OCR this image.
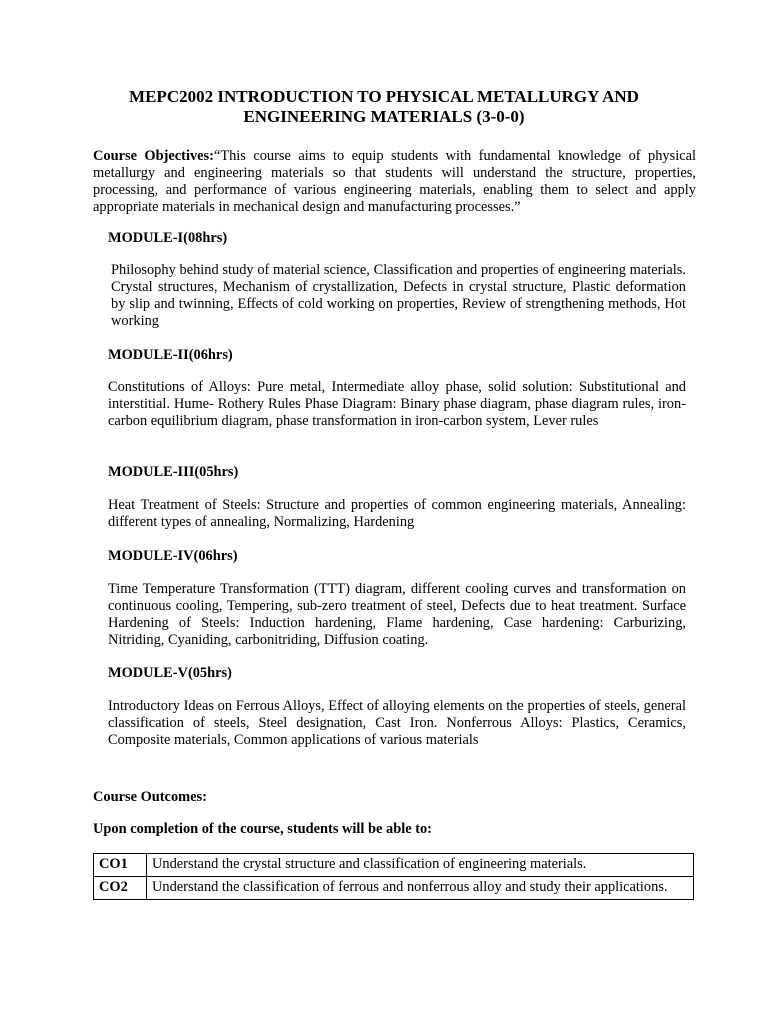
MEPC2002 INTRODUCTION TO PHYSICAL METALLURGY AND
ENGINEERING MATERIALS (3-0-0)
Course Objectives:“This course aims to equip students with fundamental knowledge of physical metallurgy and engineering materials so that students will understand the structure, properties, processing, and performance of various engineering materials, enabling them to select and apply appropriate materials in mechanical design and manufacturing processes.”
MODULE-I(08hrs)
Philosophy behind study of material science, Classification and properties of engineering materials. Crystal structures, Mechanism of crystallization, Defects in crystal structure, Plastic deformation by slip and twinning, Effects of cold working on properties, Review of strengthening methods, Hot working
MODULE-II(06hrs)
Constitutions of Alloys: Pure metal, Intermediate alloy phase, solid solution: Substitutional and interstitial. Hume- Rothery Rules Phase Diagram: Binary phase diagram, phase diagram rules, iron-carbon equilibrium diagram, phase transformation in iron-carbon system, Lever rules
MODULE-III(05hrs)
Heat Treatment of Steels: Structure and properties of common engineering materials, Annealing: different types of annealing, Normalizing, Hardening
MODULE-IV(06hrs)
Time Temperature Transformation (TTT) diagram, different cooling curves and transformation on continuous cooling, Tempering, sub-zero treatment of steel, Defects due to heat treatment. Surface Hardening of Steels: Induction hardening, Flame hardening, Case hardening: Carburizing, Nitriding, Cyaniding, carbonitriding, Diffusion coating.
MODULE-V(05hrs)
Introductory Ideas on Ferrous Alloys, Effect of alloying elements on the properties of steels, general classification of steels, Steel designation, Cast Iron. Nonferrous Alloys: Plastics, Ceramics, Composite materials, Common applications of various materials
Course Outcomes:
Upon completion of the course, students will be able to:
CO1	Understand the crystal structure and classification of engineering materials.
CO2	Understand the classification of ferrous and nonferrous alloy and study their applications.
